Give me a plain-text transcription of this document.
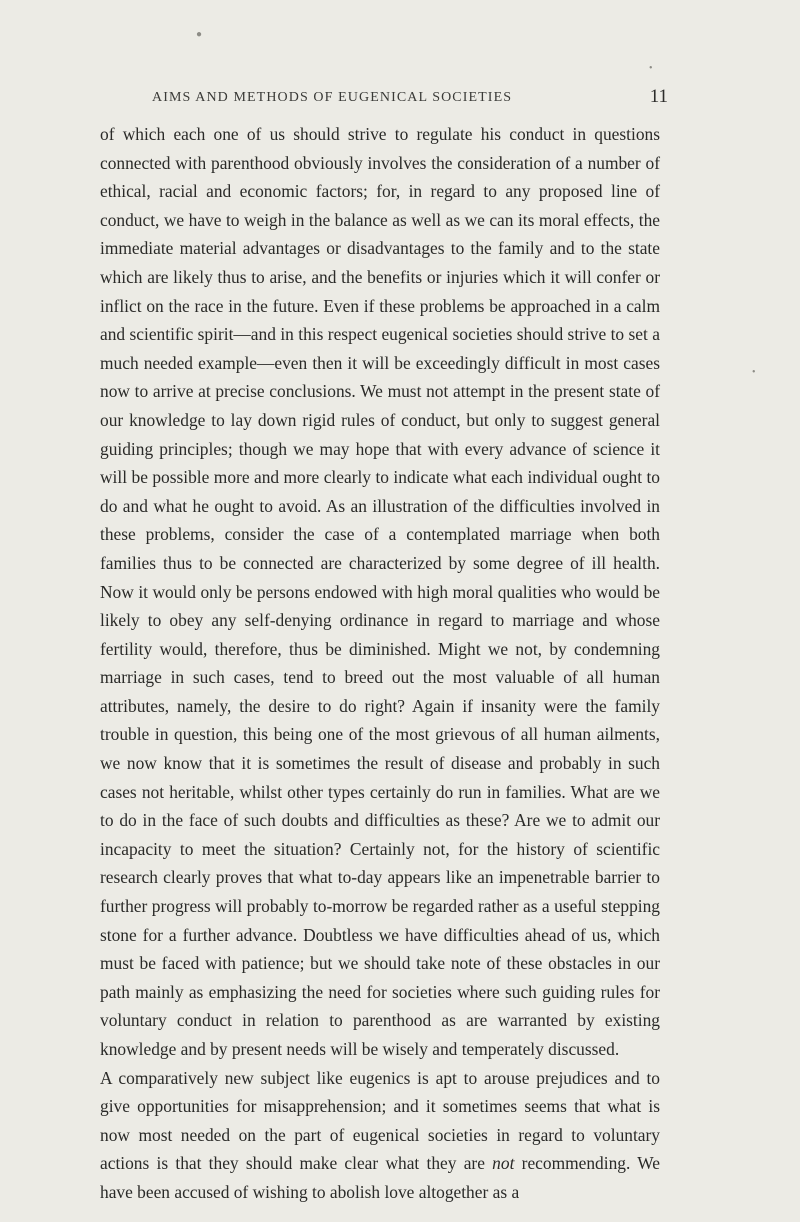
●
•
•
AIMS AND METHODS OF EUGENICAL SOCIETIES	11

of which each one of us should strive to regulate his conduct in questions connected with parenthood obviously involves the consideration of a number of ethical, racial and economic factors; for, in regard to any proposed line of conduct, we have to weigh in the balance as well as we can its moral effects, the immediate material advantages or disadvantages to the family and to the state which are likely thus to arise, and the benefits or injuries which it will confer or inflict on the race in the future. Even if these problems be approached in a calm and scientific spirit—and in this respect eugenical societies should strive to set a much needed example—even then it will be exceedingly difficult in most cases now to arrive at precise conclusions. We must not attempt in the present state of our knowledge to lay down rigid rules of conduct, but only to suggest general guiding principles; though we may hope that with every advance of science it will be possible more and more clearly to indicate what each individual ought to do and what he ought to avoid. As an illustration of the difficulties involved in these problems, consider the case of a contemplated marriage when both families thus to be connected are characterized by some degree of ill health. Now it would only be persons endowed with high moral qualities who would be likely to obey any self-denying ordinance in regard to marriage and whose fertility would, therefore, thus be diminished. Might we not, by condemning marriage in such cases, tend to breed out the most valuable of all human attributes, namely, the desire to do right? Again if insanity were the family trouble in question, this being one of the most grievous of all human ailments, we now know that it is sometimes the result of disease and probably in such cases not heritable, whilst other types certainly do run in families. What are we to do in the face of such doubts and difficulties as these? Are we to admit our incapacity to meet the situation? Certainly not, for the history of scientific research clearly proves that what to-day appears like an impenetrable barrier to further progress will probably to-morrow be regarded rather as a useful stepping stone for a further advance. Doubtless we have difficulties ahead of us, which must be faced with patience; but we should take note of these obstacles in our path mainly as emphasizing the need for societies where such guiding rules for voluntary conduct in relation to parenthood as are warranted by existing knowledge and by present needs will be wisely and temperately discussed.

A comparatively new subject like eugenics is apt to arouse prejudices and to give opportunities for misapprehension; and it sometimes seems that what is now most needed on the part of eugenical societies in regard to voluntary actions is that they should make clear what they are not recommending. We have been accused of wishing to abolish love altogether as a
